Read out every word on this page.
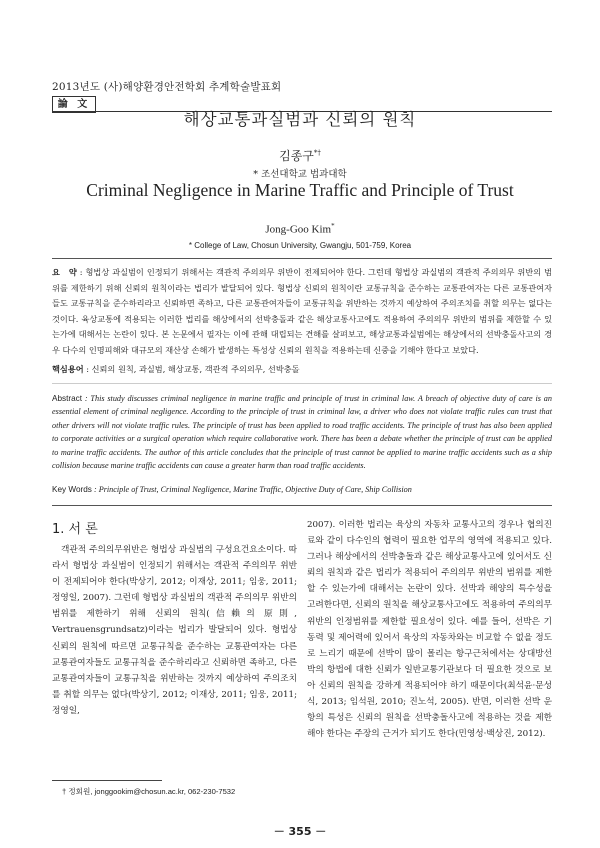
2013년도 (사)해양환경안전학회 추계학술발표회
論 文
해상교통과실범과 신뢰의 원칙
김종구*†
* 조선대학교 법과대학
Criminal Negligence in Marine Traffic and Principle of Trust
Jong-Goo Kim*
* College of Law, Chosun University, Gwangju, 501-759, Korea
요　약 : 형법상 과실범이 인정되기 위해서는 객관적 주의의무 위반이 전제되어야 한다. 그런데 형법상 과실범의 객관적 주의의무 위반의 범위를 제한하기 위해 신뢰의 원칙이라는 법리가 발달되어 있다. 형법상 신뢰의 원칙이란 교통규칙을 준수하는 교통관여자는 다른 교통관여자들도 교통규칙을 준수하리라고 신뢰하면 족하고, 다른 교통관여자들이 교통규칙을 위반하는 것까지 예상하여 주의조치를 취할 의무는 없다는 것이다. 육상교통에 적용되는 이러한 법리를 해상에서의 선박충돌과 같은 해상교통사고에도 적용하여 주의의무 위반의 범위를 제한할 수 있는가에 대해서는 논란이 있다. 본 논문에서 필자는 이에 관해 대립되는 견해를 살펴보고, 해상교통과실범에는 해상에서의 선박충돌사고의 경우 다수의 인명피해와 대규모의 재산상 손해가 발생하는 특성상 신뢰의 원칙을 적용하는데 신중을 기해야 한다고 보았다.
핵심용어 : 신뢰의 원칙, 과실범, 해상교통, 객관적 주의의무, 선박충돌
Abstract : This study discusses criminal negligence in marine traffic and principle of trust in criminal law. A breach of objective duty of care is an essential element of criminal negligence. According to the principle of trust in criminal law, a driver who does not violate traffic rules can trust that other drivers will not violate traffic rules. The principle of trust has been applied to road traffic accidents. The principle of trust has also been applied to corporate activities or a surgical operation which require collaborative work. There has been a debate whether the principle of trust can be applied to marine traffic accidents. The author of this article concludes that the principle of trust cannot be applied to marine traffic accidents such as a ship collision because marine traffic accidents can cause a greater harm than road traffic accidents.
Key Words : Principle of Trust, Criminal Negligence, Marine Traffic, Objective Duty of Care, Ship Collision
1. 서 론
　객관적 주의의무위반은 형법상 과실범의 구성요건요소이다. 따라서 형법상 과실범이 인정되기 위해서는 객관적 주의의무 위반이 전제되어야 한다(박상기, 2012; 이재상, 2011; 임웅, 2011; 정영일, 2007). 그런데 형법상 과실범의 객관적 주의의무 위반의 범위를 제한하기 위해 신뢰의 원칙(信賴의 原則, Vertrauensgrundsatz)이라는 법리가 발달되어 있다. 형법상 신뢰의 원칙에 따르면 교통규칙을 준수하는 교통관여자는 다른 교통관여자들도 교통규칙을 준수하리라고 신뢰하면 족하고, 다른 교통관여자들이 교통규칙을 위반하는 것까지 예상하여 주의조치를 취할 의무는 없다(박상기, 2012; 이재상, 2011; 임웅, 2011; 정영일,
2007). 이러한 법리는 육상의 자동차 교통사고의 경우나 협의진료와 같이 다수인의 협력이 필요한 업무의 영역에 적용되고 있다. 그러나 해상에서의 선박충돌과 같은 해상교통사고에 있어서도 신뢰의 원칙과 같은 법리가 적용되어 주의의무 위반의 범위를 제한할 수 있는가에 대해서는 논란이 있다. 선박과 해양의 특수성을 고려한다면, 신뢰의 원칙을 해상교통사고에도 적용하여 주의의무 위반의 인정범위를 제한할 필요성이 있다. 예를 들어, 선박은 기동력 및 제어력에 있어서 육상의 자동차와는 비교할 수 없을 정도로 느리기 때문에 선박이 많이 몰리는 항구근처에서는 상대방선박의 항법에 대한 신뢰가 일반교통기관보다 더 필요한 것으로 보아 신뢰의 원칙을 강하게 적용되어야 하기 때문이다(최석윤·문성식, 2013; 임석원, 2010; 진노석, 2005). 반면, 이러한 선박 운항의 특성은 신뢰의 원칙을 선박충돌사고에 적용하는 것을 제한해야 한다는 주장의 근거가 되기도 한다(민영성·백상진, 2012).
† 정회원, jonggookim@chosun.ac.kr, 062-230-7532
－ 355 －
